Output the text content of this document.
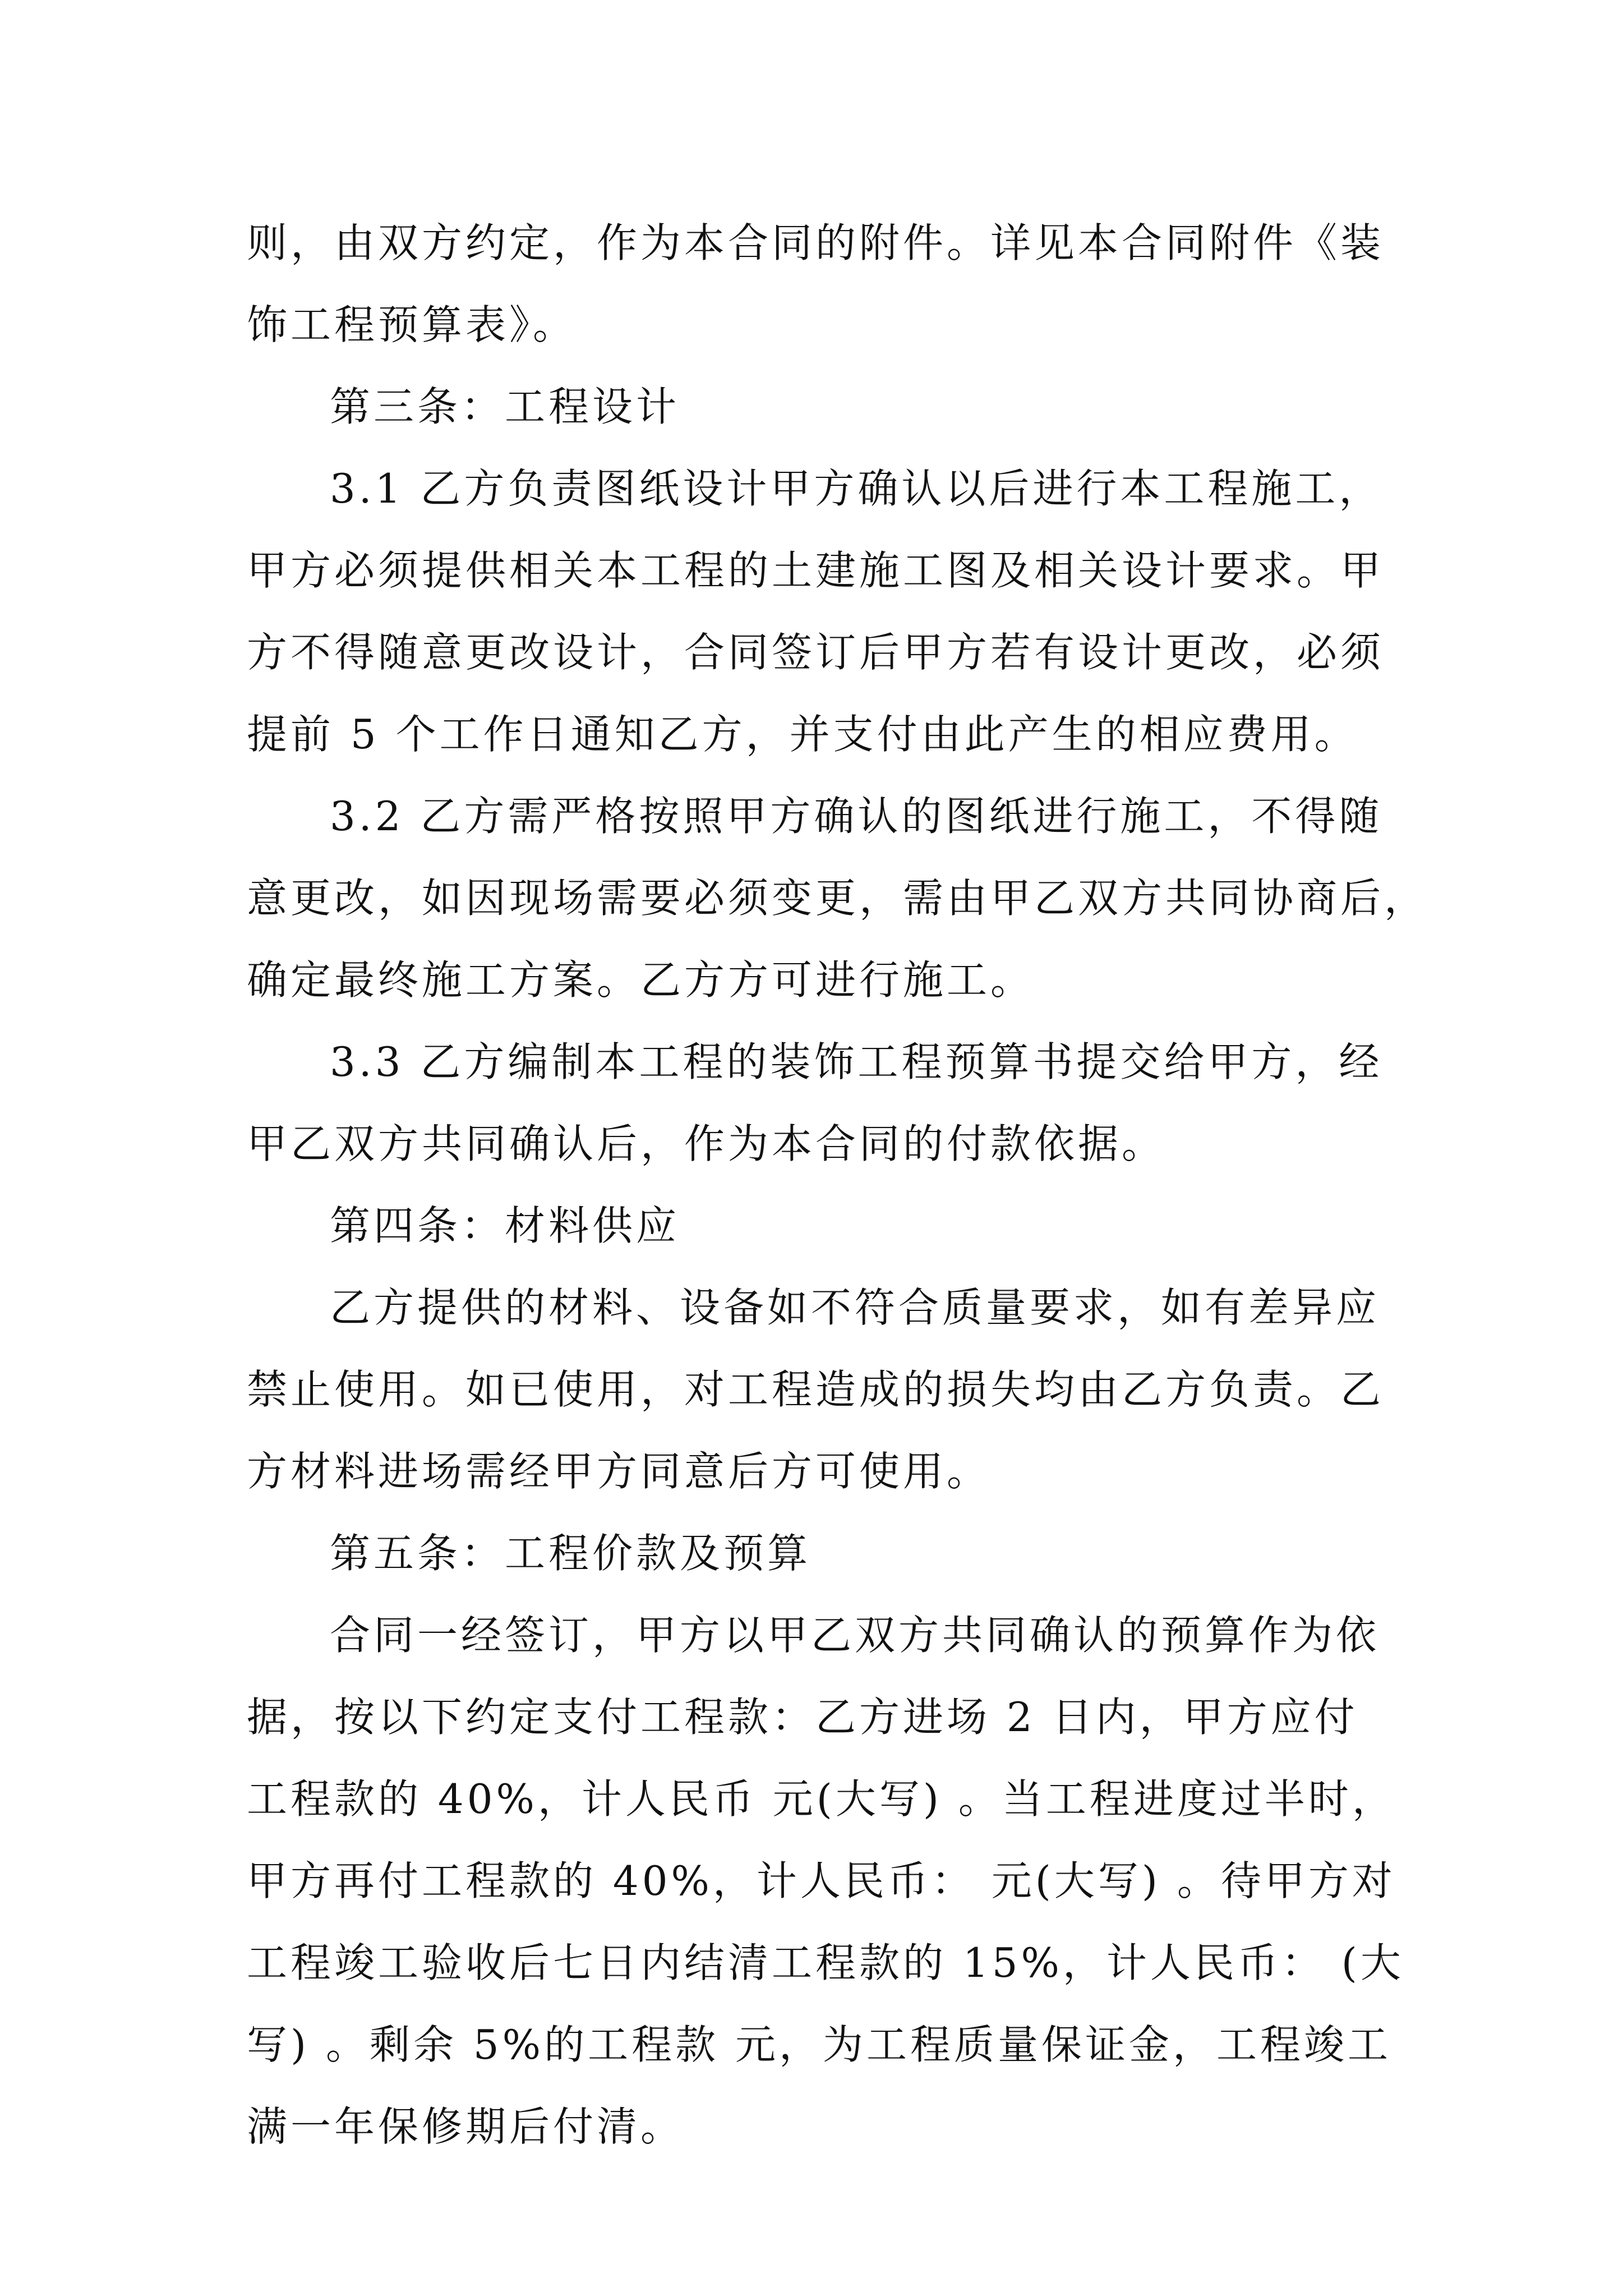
则，由双方约定，作为本合同的附件。详见本合同附件《装
饰工程预算表》。
第三条：工程设计
3.1 乙方负责图纸设计甲方确认以后进行本工程施工，
甲方必须提供相关本工程的土建施工图及相关设计要求。甲
方不得随意更改设计，合同签订后甲方若有设计更改，必须
提前 5 个工作日通知乙方，并支付由此产生的相应费用。
3.2 乙方需严格按照甲方确认的图纸进行施工，不得随
意更改，如因现场需要必须变更，需由甲乙双方共同协商后，
确定最终施工方案。乙方方可进行施工。
3.3 乙方编制本工程的装饰工程预算书提交给甲方，经
甲乙双方共同确认后，作为本合同的付款依据。
第四条：材料供应
乙方提供的材料、设备如不符合质量要求，如有差异应
禁止使用。如已使用，对工程造成的损失均由乙方负责。乙
方材料进场需经甲方同意后方可使用。
第五条：工程价款及预算
合同一经签订，甲方以甲乙双方共同确认的预算作为依
据，按以下约定支付工程款：乙方进场 2 日内，甲方应付
工程款的 40%，计人民币 元(大写) 。当工程进度过半时，
甲方再付工程款的 40%，计人民币： 元(大写) 。待甲方对
工程竣工验收后七日内结清工程款的 15%，计人民币： (大
写) 。剩余 5%的工程款 元，为工程质量保证金，工程竣工
满一年保修期后付清。
